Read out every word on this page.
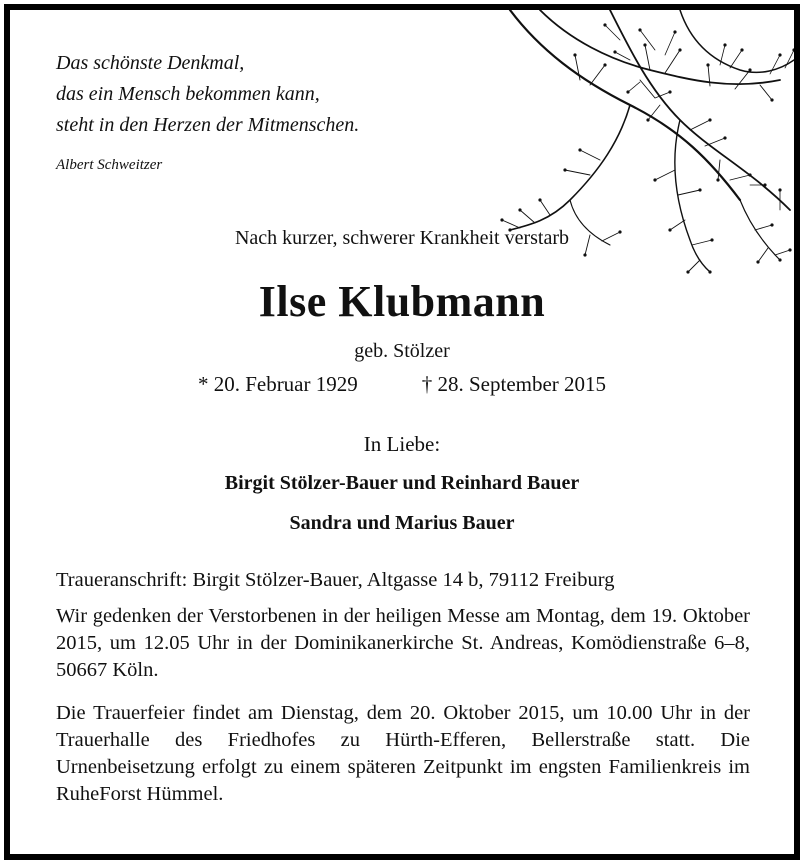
Das schönste Denkmal,
das ein Mensch bekommen kann,
steht in den Herzen der Mitmenschen.
Albert Schweitzer
Nach kurzer, schwerer Krankheit verstarb
Ilse Klubmann
geb. Stölzer
* 20. Februar 1929	† 28. September 2015
In Liebe:
Birgit Stölzer-Bauer und Reinhard Bauer
Sandra und Marius Bauer
Traueranschrift: Birgit Stölzer-Bauer, Altgasse 14 b, 79112 Freiburg
Wir gedenken der Verstorbenen in der heiligen Messe am Montag, dem 19. Oktober 2015, um 12.05 Uhr in der Dominikanerkirche St. Andreas, Komödienstraße 6–8, 50667 Köln.
Die Trauerfeier findet am Dienstag, dem 20. Oktober 2015, um 10.00 Uhr in der Trauerhalle des Friedhofes zu Hürth-Efferen, Bellerstraße statt. Die Urnenbeisetzung erfolgt zu einem späteren Zeitpunkt im engsten Familienkreis im RuheForst Hümmel.
